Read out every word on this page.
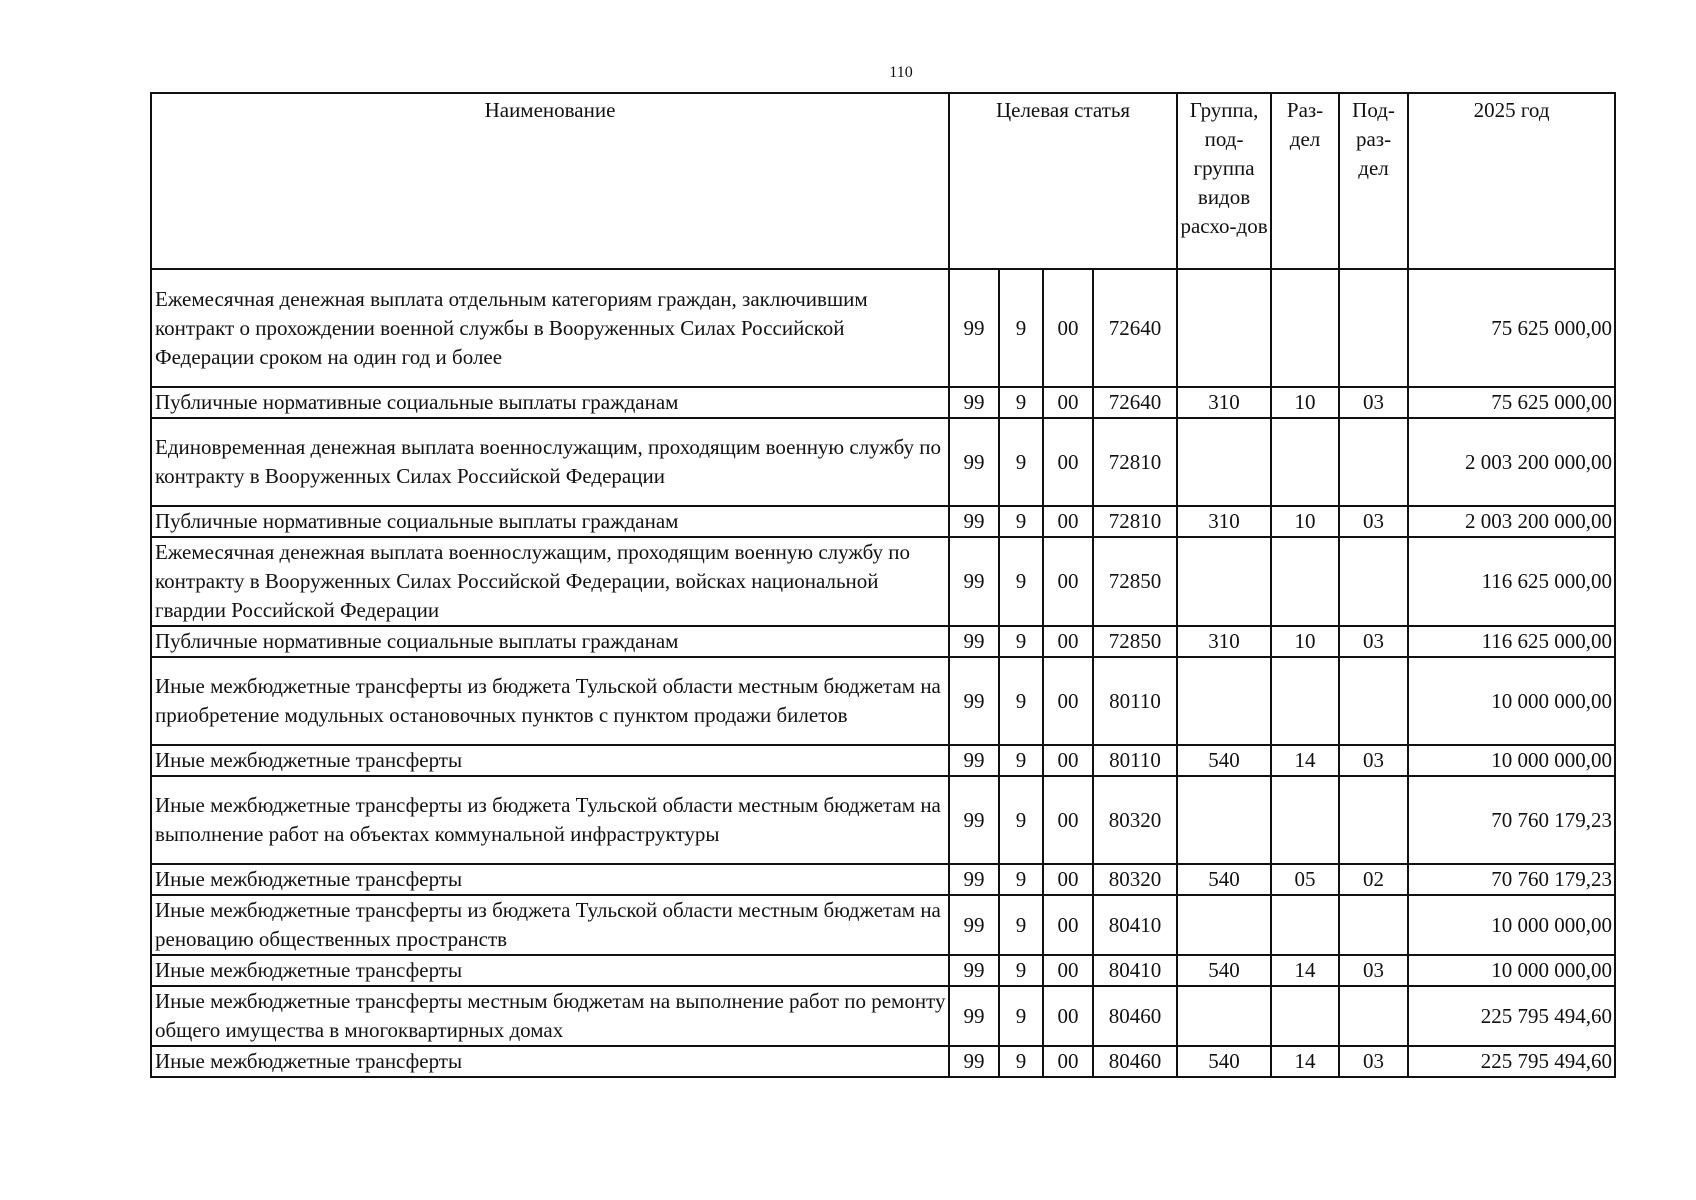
110
Наименование	Целевая статья				Группа, под-группа видов расхо-дов	Раз-дел	Под-раз-дел	2025 год
Ежемесячная денежная выплата отдельным категориям граждан, заключившим контракт о прохождении военной службы в Вооруженных Силах Российской Федерации сроком на один год и более	99	9	00	72640				75 625 000,00
Публичные нормативные социальные выплаты гражданам	99	9	00	72640	310	10	03	75 625 000,00
Единовременная денежная выплата военнослужащим, проходящим военную службу по контракту в Вооруженных Силах Российской Федерации	99	9	00	72810				2 003 200 000,00
Публичные нормативные социальные выплаты гражданам	99	9	00	72810	310	10	03	2 003 200 000,00
Ежемесячная денежная выплата военнослужащим, проходящим военную службу по контракту в Вооруженных Силах Российской Федерации, войсках национальной гвардии Российской Федерации	99	9	00	72850				116 625 000,00
Публичные нормативные социальные выплаты гражданам	99	9	00	72850	310	10	03	116 625 000,00
Иные межбюджетные трансферты из бюджета Тульской области местным бюджетам на приобретение модульных остановочных пунктов с пунктом продажи билетов	99	9	00	80110				10 000 000,00
Иные межбюджетные трансферты	99	9	00	80110	540	14	03	10 000 000,00
Иные межбюджетные трансферты из бюджета Тульской области местным бюджетам на выполнение работ на объектах коммунальной инфраструктуры	99	9	00	80320				70 760 179,23
Иные межбюджетные трансферты	99	9	00	80320	540	05	02	70 760 179,23
Иные межбюджетные трансферты из бюджета Тульской области местным бюджетам на реновацию общественных пространств	99	9	00	80410				10 000 000,00
Иные межбюджетные трансферты	99	9	00	80410	540	14	03	10 000 000,00
Иные межбюджетные трансферты местным бюджетам на выполнение работ по ремонту общего имущества в многоквартирных домах	99	9	00	80460				225 795 494,60
Иные межбюджетные трансферты	99	9	00	80460	540	14	03	225 795 494,60
